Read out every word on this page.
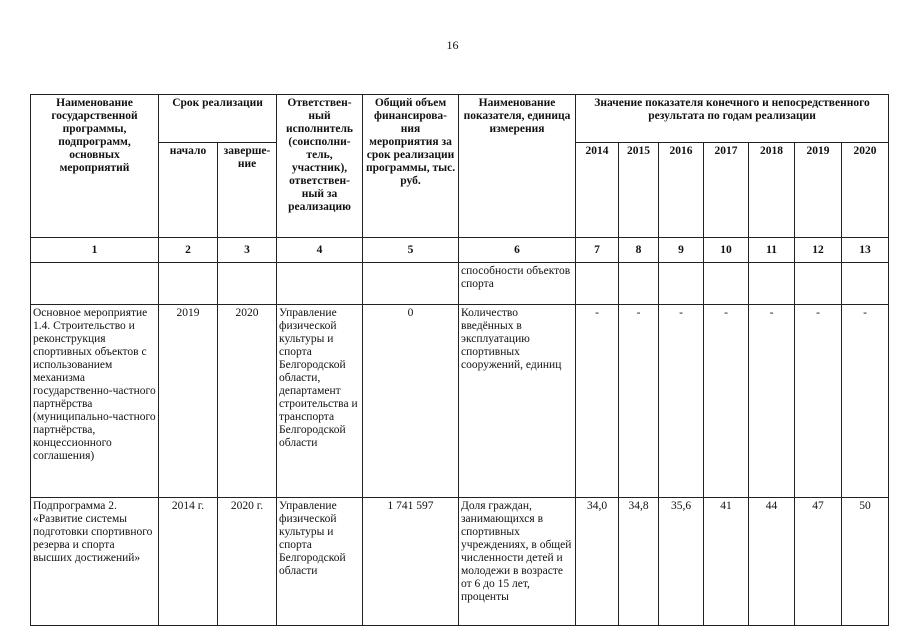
16
Наименование государственной программы, подпрограмм, основных мероприятий	Срок реализации		Ответствен-ный исполнитель (соисполни-тель, участник), ответствен-ный за реализацию	Общий объем финансирова-ния мероприятия за срок реализации программы, тыс. руб.	Наименование показателя, единица измерения	Значение показателя конечного и непосредственного результата по годам реализации						
	начало	заверше-ние				2014	2015	2016	2017	2018	2019	2020
1	2	3	4	5	6	7	8	9	10	11	12	13
					способности объектов спорта							
Основное мероприятие 1.4. Строительство и реконструкция спортивных объектов с использованием механизма государственно-частного партнёрства (муниципально-частного партнёрства, концессионного соглашения)	2019	2020	Управление физической культуры и спорта Белгородской области, департамент строительства и транспорта Белгородской области	0	Количество введённых в эксплуатацию спортивных сооружений, единиц	-	-	-	-	-	-	-
Подпрограмма 2. «Развитие системы подготовки спортивного резерва и спорта высших достижений»	2014 г.	2020 г.	Управление физической культуры и спорта Белгородской области	1 741 597	Доля граждан, занимающихся в спортивных учреждениях, в общей численности детей и молодежи в возрасте от 6 до 15 лет, проценты	34,0	34,8	35,6	41	44	47	50
